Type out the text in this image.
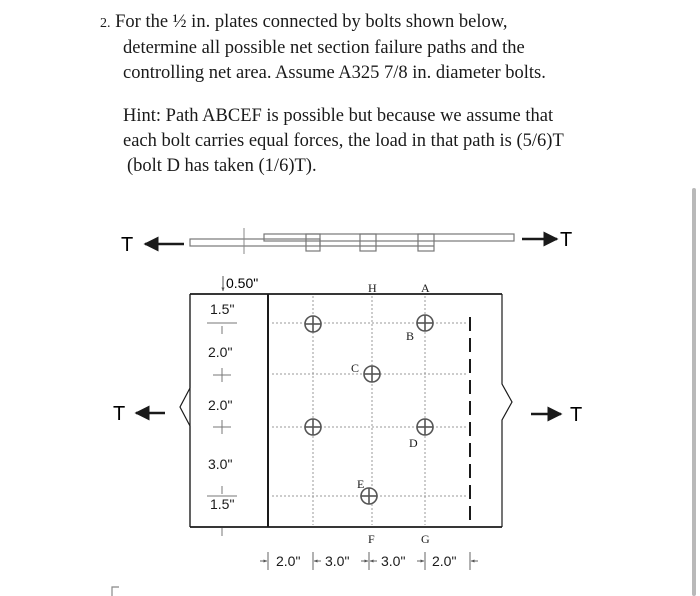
2. For the ½ in. plates connected by bolts shown below,
determine all possible net section failure paths and the
controlling net area. Assume A325 7/8 in. diameter bolts.
Hint: Path ABCEF is possible but because we assume that
each bolt carries equal forces, the load in that path is (5/6)T
(bolt D has taken (1/6)T).
T	T
H	A
B
C
D
E
F	G
0.50"
1.5"
2.0"
2.0"
3.0"
1.5"
T	T
2.0" 3.0" 3.0" 2.0"
